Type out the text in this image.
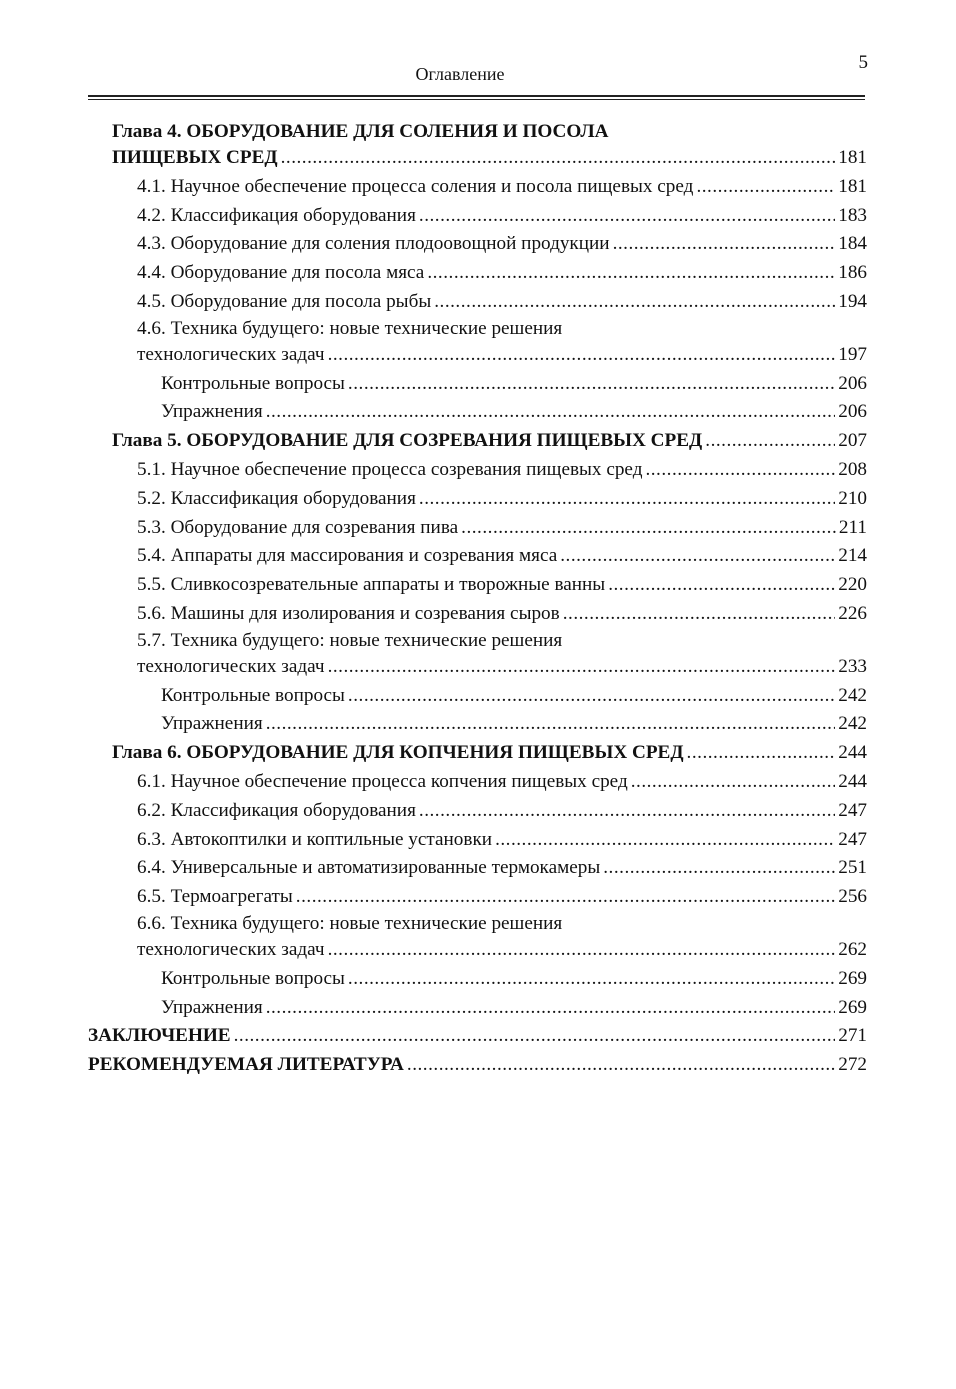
5
Оглавление
Глава 4. ОБОРУДОВАНИЕ ДЛЯ СОЛЕНИЯ И ПОСОЛА
ПИЩЕВЫХ СРЕД .....	181
4.1. Научное обеспечение процесса соления и посола пищевых сред .....	181
4.2. Классификация оборудования .....	183
4.3. Оборудование для соления плодоовощной продукции .....	184
4.4. Оборудование для посола мяса .....	186
4.5. Оборудование для посола рыбы .....	194
4.6. Техника будущего: новые технические решения
технологических задач .....	197
Контрольные вопросы .....	206
Упражнения .....	206
Глава 5. ОБОРУДОВАНИЕ ДЛЯ СОЗРЕВАНИЯ ПИЩЕВЫХ СРЕД .....	207
5.1. Научное обеспечение процесса созревания пищевых сред .....	208
5.2. Классификация оборудования .....	210
5.3. Оборудование для созревания пива .....	211
5.4. Аппараты для массирования и созревания мяса .....	214
5.5. Сливкосозревательные аппараты и творожные ванны .....	220
5.6. Машины для изолирования и созревания сыров .....	226
5.7. Техника будущего: новые технические решения
технологических задач .....	233
Контрольные вопросы .....	242
Упражнения .....	242
Глава 6. ОБОРУДОВАНИЕ ДЛЯ КОПЧЕНИЯ ПИЩЕВЫХ СРЕД .....	244
6.1. Научное обеспечение процесса копчения пищевых сред .....	244
6.2. Классификация оборудования .....	247
6.3. Автокоптилки и коптильные установки .....	247
6.4. Универсальные и автоматизированные термокамеры .....	251
6.5. Термоагрегаты .....	256
6.6. Техника будущего: новые технические решения
технологических задач .....	262
Контрольные вопросы .....	269
Упражнения .....	269
ЗАКЛЮЧЕНИЕ .....	271
РЕКОМЕНДУЕМАЯ ЛИТЕРАТУРА .....	272
